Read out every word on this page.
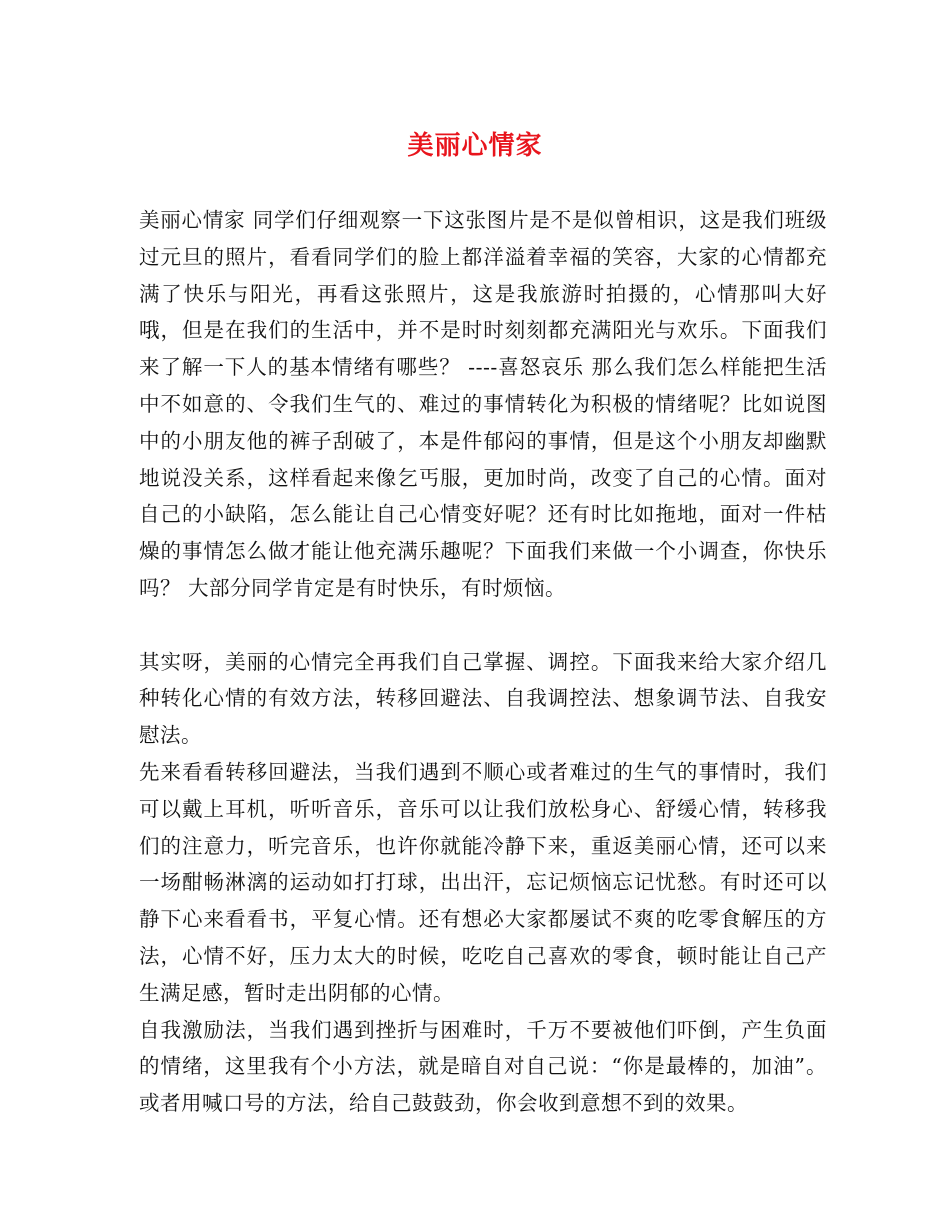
美丽心情家

美丽心情家 同学们仔细观察一下这张图片是不是似曾相识，这是我们班级过元旦的照片，看看同学们的脸上都洋溢着幸福的笑容，大家的心情都充满了快乐与阳光，再看这张照片，这是我旅游时拍摄的，心情那叫大好哦，但是在我们的生活中，并不是时时刻刻都充满阳光与欢乐。下面我们来了解一下人的基本情绪有哪些？ ----喜怒哀乐 那么我们怎么样能把生活中不如意的、令我们生气的、难过的事情转化为积极的情绪呢？比如说图中的小朋友他的裤子刮破了，本是件郁闷的事情，但是这个小朋友却幽默地说没关系，这样看起来像乞丐服，更加时尚，改变了自己的心情。面对自己的小缺陷，怎么能让自己心情变好呢？还有时比如拖地，面对一件枯燥的事情怎么做才能让他充满乐趣呢？下面我们来做一个小调查，你快乐吗？ 大部分同学肯定是有时快乐，有时烦恼。

其实呀，美丽的心情完全再我们自己掌握、调控。下面我来给大家介绍几种转化心情的有效方法，转移回避法、自我调控法、想象调节法、自我安慰法。

先来看看转移回避法，当我们遇到不顺心或者难过的生气的事情时，我们可以戴上耳机，听听音乐，音乐可以让我们放松身心、舒缓心情，转移我们的注意力，听完音乐，也许你就能冷静下来，重返美丽心情，还可以来一场酣畅淋漓的运动如打打球，出出汗，忘记烦恼忘记忧愁。有时还可以静下心来看看书，平复心情。还有想必大家都屡试不爽的吃零食解压的方法，心情不好，压力太大的时候，吃吃自己喜欢的零食，顿时能让自己产生满足感，暂时走出阴郁的心情。

自我激励法，当我们遇到挫折与困难时，千万不要被他们吓倒，产生负面的情绪，这里我有个小方法，就是暗自对自己说：“你是最棒的，加油”。或者用喊口号的方法，给自己鼓鼓劲，你会收到意想不到的效果。
